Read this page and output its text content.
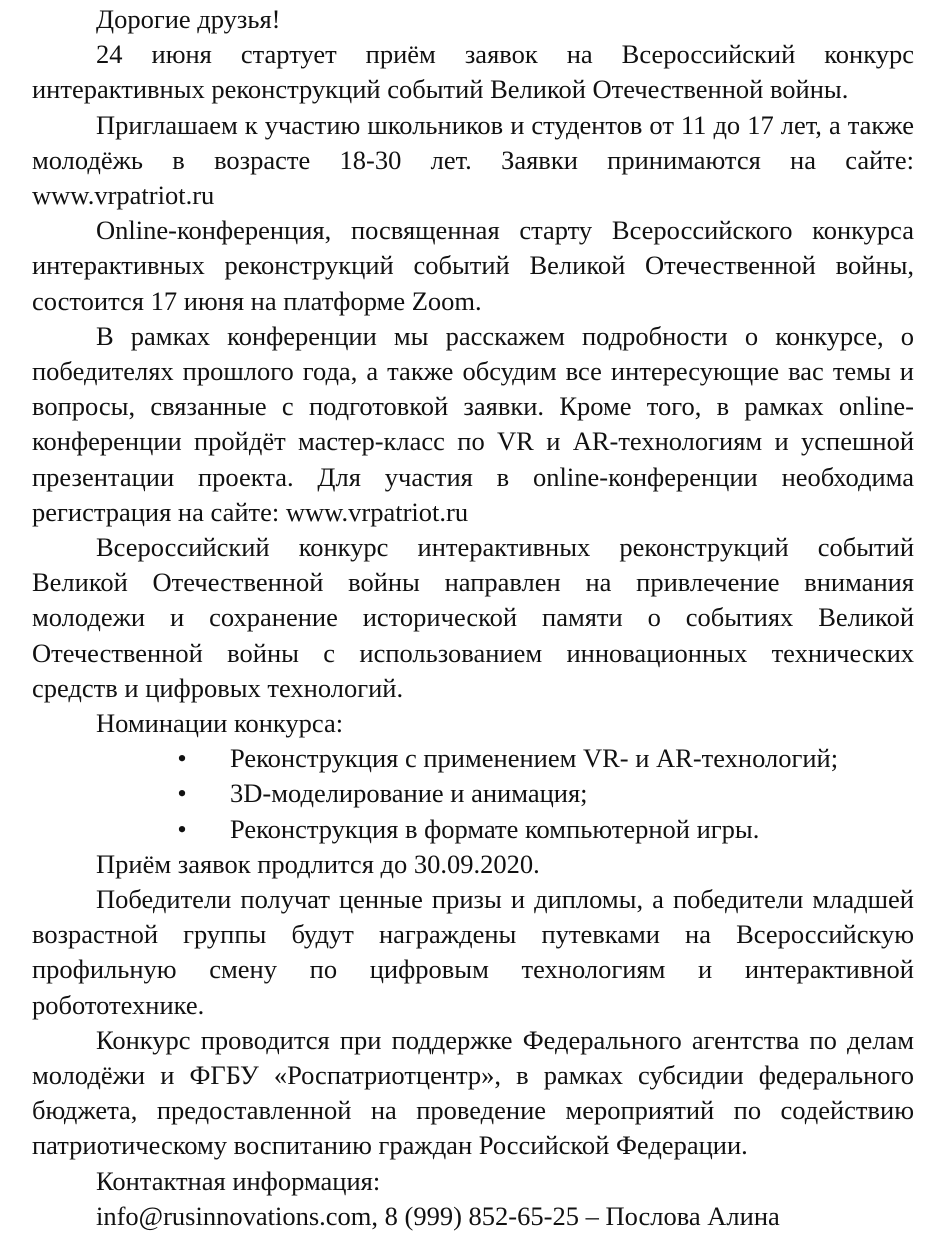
Дорогие друзья!

24 июня стартует приём заявок на Всероссийский конкурс интерактивных реконструкций событий Великой Отечественной войны.

Приглашаем к участию школьников и студентов от 11 до 17 лет, а также молодёжь в возрасте 18-30 лет. Заявки принимаются на сайте: www.vrpatriot.ru

Online-конференция, посвященная старту Всероссийского конкурса интерактивных реконструкций событий Великой Отечественной войны, состоится 17 июня на платформе Zoom.

В рамках конференции мы расскажем подробности о конкурсе, о победителях прошлого года, а также обсудим все интересующие вас темы и вопросы, связанные с подготовкой заявки. Кроме того, в рамках online-конференции пройдёт мастер-класс по VR и AR-технологиям и успешной презентации проекта. Для участия в online-конференции необходима регистрация на сайте: www.vrpatriot.ru

Всероссийский конкурс интерактивных реконструкций событий Великой Отечественной войны направлен на привлечение внимания молодежи и сохранение исторической памяти о событиях Великой Отечественной войны с использованием инновационных технических средств и цифровых технологий.

Номинации конкурса:

• Реконструкция с применением VR- и AR-технологий;
• 3D-моделирование и анимация;
• Реконструкция в формате компьютерной игры.

Приём заявок продлится до 30.09.2020.

Победители получат ценные призы и дипломы, а победители младшей возрастной группы будут награждены путевками на Всероссийскую профильную смену по цифровым технологиям и интерактивной робототехнике.

Конкурс проводится при поддержке Федерального агентства по делам молодёжи и ФГБУ «Роспатриотцентр», в рамках субсидии федерального бюджета, предоставленной на проведение мероприятий по содействию патриотическому воспитанию граждан Российской Федерации.

Контактная информация:

info@rusinnovations.com, 8 (999) 852-65-25 – Послова Алина
